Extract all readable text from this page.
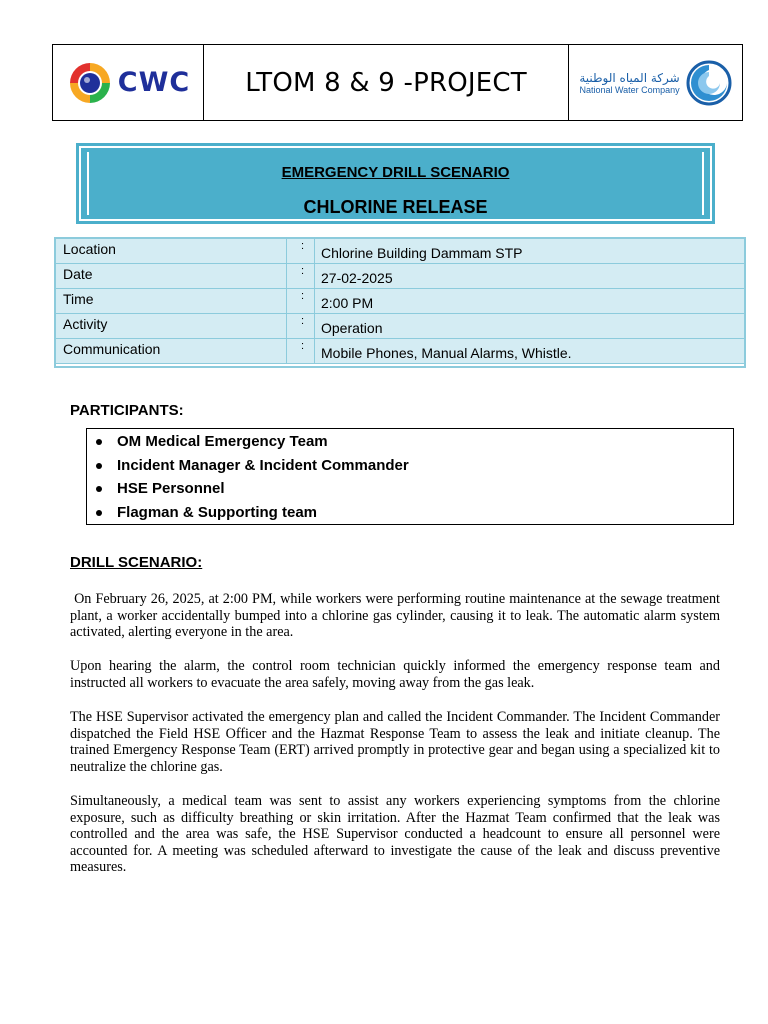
CWC LTOM 8 & 9 -PROJECT	شركة المياه الوطنية
National Water Company
EMERGENCY DRILL SCENARIO
CHLORINE RELEASE
Location	:	Chlorine Building Dammam STP
Date	:	27-02-2025
Time	:	2:00 PM
Activity	:	Operation
Communication	:	Mobile Phones, Manual Alarms, Whistle.
PARTICIPANTS:
OM Medical Emergency Team
Incident Manager & Incident Commander
HSE Personnel
Flagman & Supporting team
DRILL SCENARIO:
On February 26, 2025, at 2:00 PM, while workers were performing routine maintenance at the sewage treatment plant, a worker accidentally bumped into a chlorine gas cylinder, causing it to leak. The automatic alarm system activated, alerting everyone in the area.
Upon hearing the alarm, the control room technician quickly informed the emergency response team and instructed all workers to evacuate the area safely, moving away from the gas leak.
The HSE Supervisor activated the emergency plan and called the Incident Commander. The Incident Commander dispatched the Field HSE Officer and the Hazmat Response Team to assess the leak and initiate cleanup. The trained Emergency Response Team (ERT) arrived promptly in protective gear and began using a specialized kit to neutralize the chlorine gas.
Simultaneously, a medical team was sent to assist any workers experiencing symptoms from the chlorine exposure, such as difficulty breathing or skin irritation. After the Hazmat Team confirmed that the leak was controlled and the area was safe, the HSE Supervisor conducted a headcount to ensure all personnel were accounted for. A meeting was scheduled afterward to investigate the cause of the leak and discuss preventive measures.
